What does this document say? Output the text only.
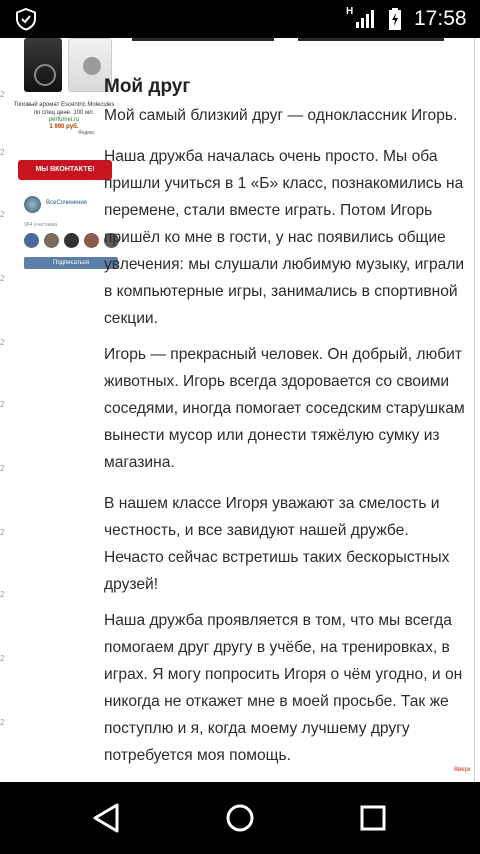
H	17:58
2
2
2
2
2
2
2
2
2
2
2
Топовый аромат Escentric Molecules по спец цене. 100 мл.
perfumei.ru
1 990 руб.
Яндекс
МЫ ВКОНТАКТЕ!
ВсеСочинения
964 участника
Подписаться
Мой друг

Мой самый близкий друг — одноклассник Игорь.

Наша дружба началась очень просто. Мы оба пришли учиться в 1 «Б» класс, познакомились на перемене, стали вместе играть. Потом Игорь пришёл ко мне в гости, у нас появились общие увлечения: мы слушали любимую музыку, играли в компьютерные игры, занимались в спортивной секции.

Игорь — прекрасный человек. Он добрый, любит животных. Игорь всегда здоровается со своими соседями, иногда помогает соседским старушкам вынести мусор или донести тяжёлую сумку из магазина.

В нашем классе Игоря уважают за смелость и честность, и все завидуют нашей дружбе. Нечасто сейчас встретишь таких бескорыстных друзей!

Наша дружба проявляется в том, что мы всегда помогаем друг другу в учёбе, на тренировках, в играх. Я могу попросить Игоря о чём угодно, и он никогда не откажет мне в моей просьбе. Так же поступлю и я, когда моему лучшему другу потребуется моя помощь.

Вверх
